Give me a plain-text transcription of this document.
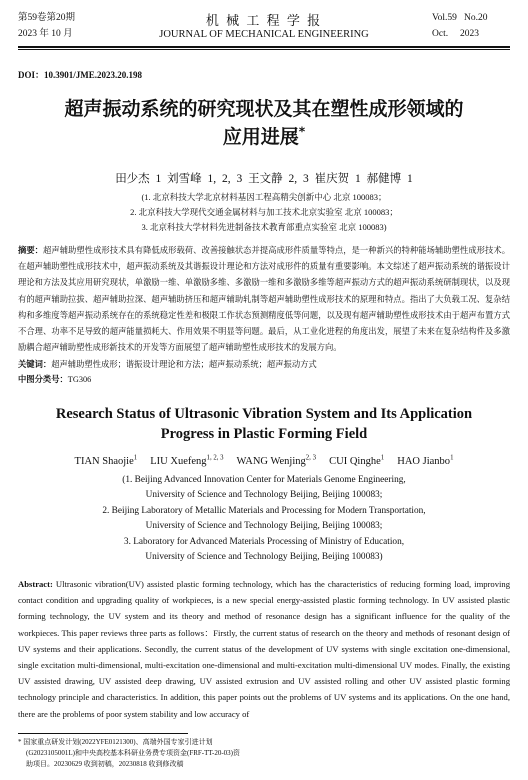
第59卷第20期
2023 年 10 月
机 械 工 程 学 报
JOURNAL OF MECHANICAL ENGINEERING
Vol.59   No.20
Oct.     2023
DOI：10.3901/JME.2023.20.198
超声振动系统的研究现状及其在塑性成形领域的
应用进展*
田少杰 1 刘雪峰 1, 2, 3 王文静 2, 3 崔庆贺 1 郝健博 1
(1. 北京科技大学北京材料基因工程高精尖创新中心 北京 100083；
2. 北京科技大学现代交通金属材料与加工技术北京实验室 北京 100083；
3. 北京科技大学材料先进制备技术教育部重点实验室 北京 100083)
摘要：超声辅助塑性成形技术具有降低成形载荷、改善接触状态并提高成形件质量等特点，是一种新兴的特种能场辅助塑性成形技术。在超声辅助塑性成形技术中，超声振动系统及其谐振设计理论和方法对成形件的质量有重要影响。本文综述了超声振动系统的谐振设计理论和方法及其应用研究现状，单激励一维、单激励多维、多激励一维和多激励多维等超声振动方式的超声振动系统研制现状，以及现有的超声辅助拉拔、超声辅助拉深、超声辅助挤压和超声辅助轧制等超声辅助塑性成形技术的原理和特点。指出了大负载工况、复杂结构和多维度等超声振动系统存在的系统稳定性差和极限工作状态预测精度低等问题，以及现有超声辅助塑性成形技术由于超声布置方式不合理、功率不足导致的超声能量损耗大、作用效果不明显等问题。最后，从工业化进程的角度出发，展望了未来在复杂结构件及多激励耦合超声辅助塑性成形新技术的开发等方面展望了超声辅助塑性成形技术的发展方向。
关键词：超声辅助塑性成形；谐振设计理论和方法；超声振动系统；超声振动方式
中图分类号：TG306
Research Status of Ultrasonic Vibration System and Its Application
Progress in Plastic Forming Field
TIAN Shaojie$^1$ LIU Xuefeng$^{1, 2, 3}$ WANG Wenjing$^{2, 3}$ CUI Qinghe$^1$ HAO Jianbo$^1$
(1. Beijing Advanced Innovation Center for Materials Genome Engineering,
University of Science and Technology Beijing, Beijing 100083;
2. Beijing Laboratory of Metallic Materials and Processing for Modern Transportation,
University of Science and Technology Beijing, Beijing 100083;
3. Laboratory for Advanced Materials Processing of Ministry of Education,
University of Science and Technology Beijing, Beijing 100083)
Abstract: Ultrasonic vibration(UV) assisted plastic forming technology, which has the characteristics of reducing forming load, improving contact condition and upgrading quality of workpieces, is a new special energy-assisted plastic forming technology. In UV assisted plastic forming technology, the UV system and its theory and method of resonance design has a significant influence for the quality of the workpieces. This paper reviews three parts as follows：Firstly, the current status of research on the theory and methods of resonant design of UV systems and their applications. Secondly, the current status of the development of UV systems with single excitation one-dimensional, single excitation multi-dimensional, multi-excitation one-dimensional and multi-excitation multi-dimensional UV modes. Finally, the existing UV assisted drawing, UV assisted deep drawing, UV assisted extrusion and UV assisted rolling and other UV assisted plastic forming technology principle and characteristics. In addition, this paper points out the problems of UV systems and its applications. On the one hand, there are the problems of poor system stability and low accuracy of
* 国家重点研发计划(2022YFE0121300)、高端外国专家引进计划
(G2023105001L)和中央高校基本科研业务费专项资金(FRF-TT-20-03)资
助项目。20230629 收到初稿，20230818 收到修改稿
